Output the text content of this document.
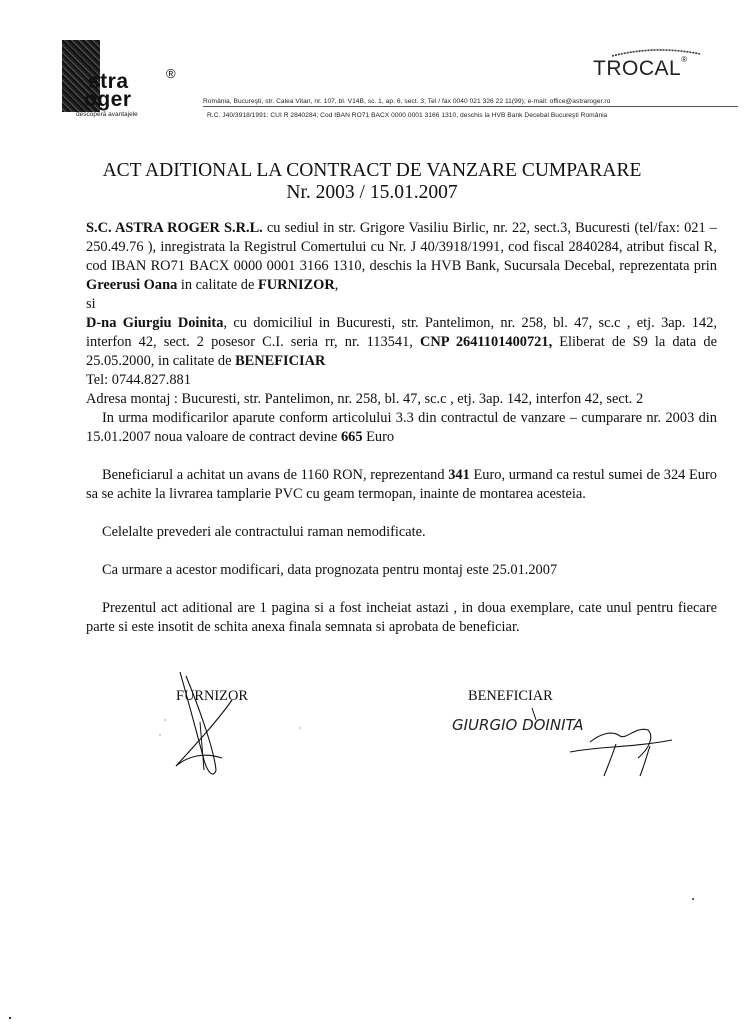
stra
oger
®
descoperă avantajele
TROCAL®
România, Bucureşti, str. Calea Vitan, nr. 107, bl. V14B, sc. 1, ap. 6, sect. 3; Tel / fax 0040 021 326 22 11(99); e-mail: office@astraroger.ro
R.C. J40/3918/1991: CUI R 2840284; Cod IBAN RO71 BACX 0000 0001 3166 1310, deschis la HVB Bank Decebal Bucureşti România
ACT ADITIONAL LA CONTRACT DE VANZARE CUMPARARE
Nr. 2003 / 15.01.2007

S.C. ASTRA ROGER S.R.L. cu sediul in str. Grigore Vasiliu Birlic, nr. 22, sect.3, Bucuresti (tel/fax: 021 – 250.49.76 ), inregistrata la Registrul Comertului cu Nr. J 40/3918/1991, cod fiscal 2840284, atribut fiscal R, cod IBAN RO71 BACX 0000 0001 3166 1310, deschis la HVB Bank, Sucursala Decebal, reprezentata prin Greerusi Oana in calitate de FURNIZOR,

si

D-na Giurgiu Doinita, cu domiciliul in Bucuresti, str. Pantelimon, nr. 258, bl. 47, sc.c , etj. 3ap. 142, interfon 42, sect. 2 posesor C.I. seria rr, nr. 113541, CNP 2641101400721, Eliberat de S9 la data de 25.05.2000, in calitate de BENEFICIAR

Tel: 0744.827.881

Adresa montaj : Bucuresti, str. Pantelimon, nr. 258, bl. 47, sc.c , etj. 3ap. 142, interfon 42, sect. 2

In urma modificarilor aparute conform articolului 3.3 din contractul de vanzare – cumparare nr. 2003 din 15.01.2007 noua valoare de contract devine 665 Euro

Beneficiarul a achitat un avans de 1160 RON, reprezentand 341 Euro, urmand ca restul sumei de 324 Euro sa se achite la livrarea tamplarie PVC cu geam termopan, inainte de montarea acesteia.

Celelalte prevederi ale contractului raman nemodificate.

Ca urmare a acestor modificari, data prognozata pentru montaj este 25.01.2007

Prezentul act aditional are 1 pagina si a fost incheiat astazi , in doua exemplare, cate unul pentru fiecare parte si este insotit de schita anexa finala semnata si aprobata de beneficiar.

FURNIZOR	BENEFICIAR
GIURGIO DOINITA
